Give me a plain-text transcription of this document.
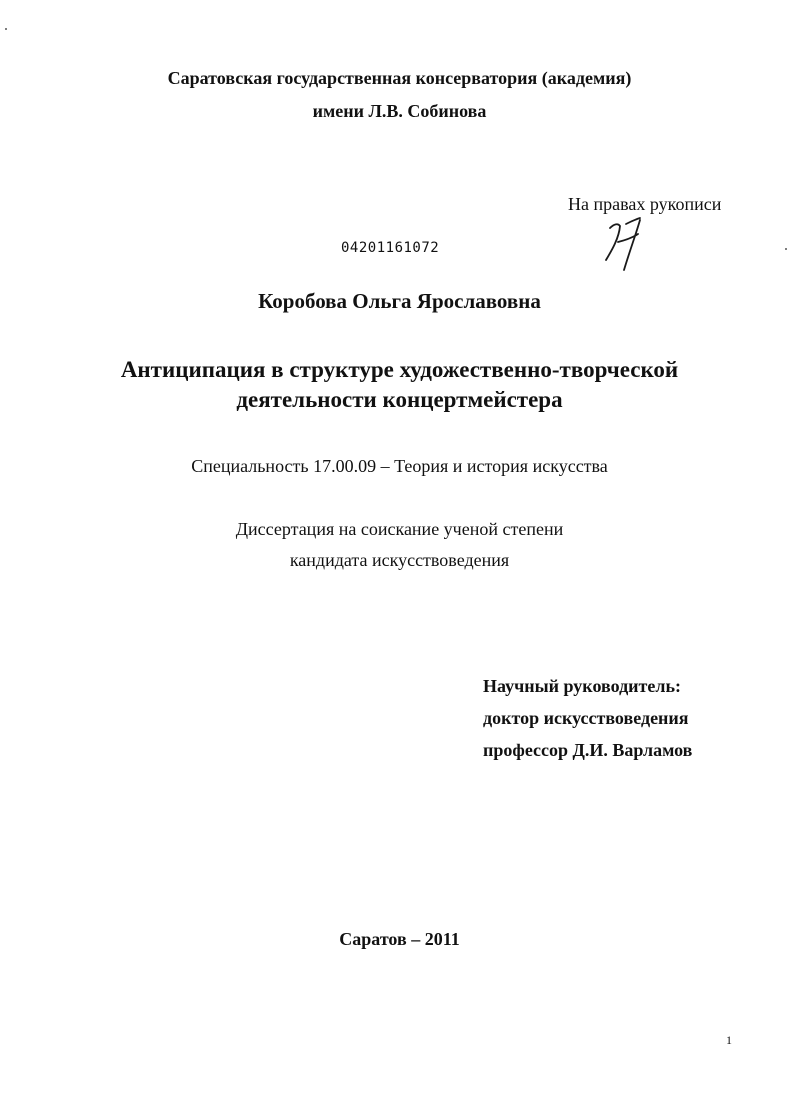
Саратовская государственная консерватория (академия)
имени Л.В. Собинова
На правах рукописи
04201161072
Коробова Ольга Ярославовна
Антиципация в структуре художественно-творческой
деятельности концертмейстера
Специальность 17.00.09 – Теория и история искусства
Диссертация на соискание ученой степени
кандидата искусствоведения
Научный руководитель:
доктор искусствоведения
профессор Д.И. Варламов
Саратов – 2011
1
